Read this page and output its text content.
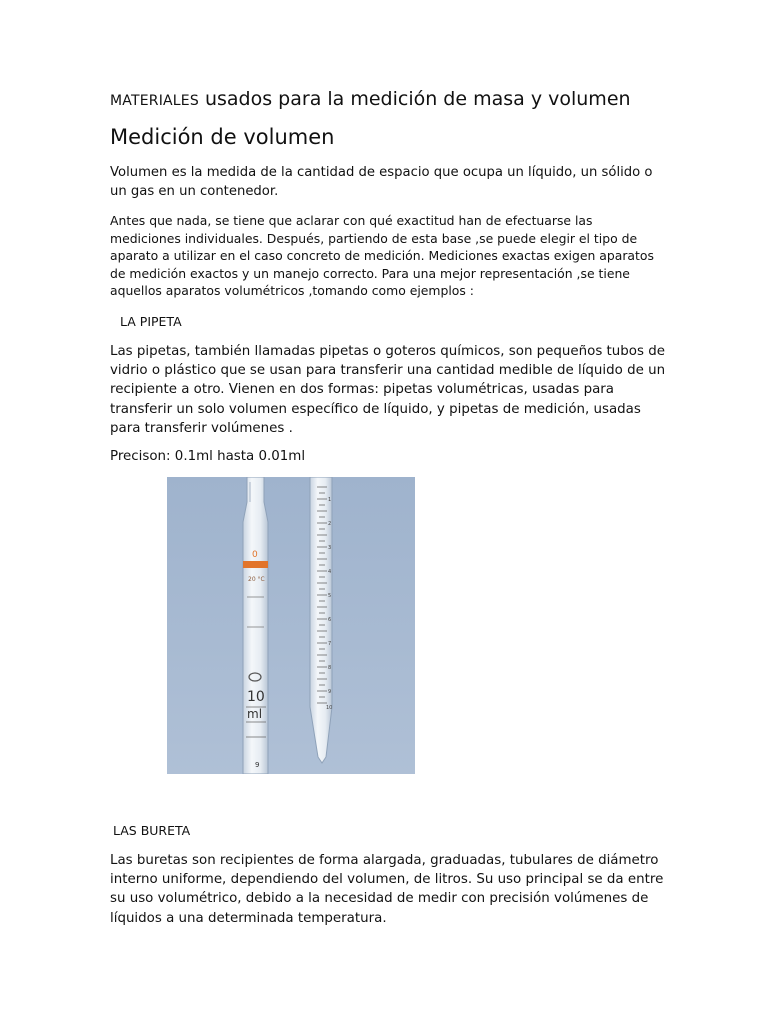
MATERIALES usados para la medición de masa y volumen
Medición de volumen

Volumen es la medida de la cantidad de espacio que ocupa un líquido, un sólido o un gas en un contenedor.

Antes que nada, se tiene que aclarar con qué exactitud han de efectuarse las mediciones individuales. Después, partiendo de esta base ,se puede elegir el tipo de aparato a utilizar en el caso concreto de medición. Mediciones exactas exigen aparatos de medición exactos y un manejo correcto. Para una mejor representación ,se tiene aquellos aparatos volumétricos ,tomando como ejemplos :

LA PIPETA

Las pipetas, también llamadas pipetas o goteros químicos, son pequeños tubos de vidrio o plástico que se usan para transferir una cantidad medible de líquido de un recipiente a otro. Vienen en dos formas: pipetas volumétricas, usadas para transferir un solo volumen específico de líquido, y pipetas de medición, usadas para transferir volúmenes .

Precison: 0.1ml hasta 0.01ml

LAS BURETA

Las buretas son recipientes de forma alargada, graduadas, tubulares de diámetro interno uniforme, dependiendo del volumen, de litros. Su uso principal se da entre su uso volumétrico, debido a la necesidad de medir con precisión volúmenes de líquidos a una determinada temperatura.

0
20 °C
10
ml
9
1
2
3
4
5
6
7
8
9
10
